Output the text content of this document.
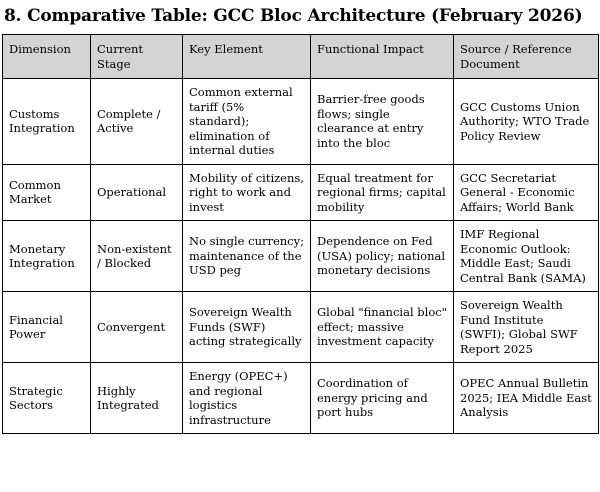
8. Comparative Table: GCC Bloc Architecture (February 2026)
Dimension	Current Stage	Key Element	Functional Impact	Source / Reference Document
Customs Integration	Complete / Active	Common external tariff (5% standard); elimination of internal duties	Barrier-free goods flows; single clearance at entry into the bloc	GCC Customs Union Authority; WTO Trade Policy Review
Common Market	Operational	Mobility of citizens, right to work and invest	Equal treatment for regional firms; capital mobility	GCC Secretariat General - Economic Affairs; World Bank
Monetary Integration	Non-existent / Blocked	No single currency; maintenance of the USD peg	Dependence on Fed (USA) policy; national monetary decisions	IMF Regional Economic Outlook: Middle East; Saudi Central Bank (SAMA)
Financial Power	Convergent	Sovereign Wealth Funds (SWF) acting strategically	Global "financial bloc" effect; massive investment capacity	Sovereign Wealth Fund Institute (SWFI); Global SWF Report 2025
Strategic Sectors	Highly Integrated	Energy (OPEC+) and regional logistics infrastructure	Coordination of energy pricing and port hubs	OPEC Annual Bulletin 2025; IEA Middle East Analysis
